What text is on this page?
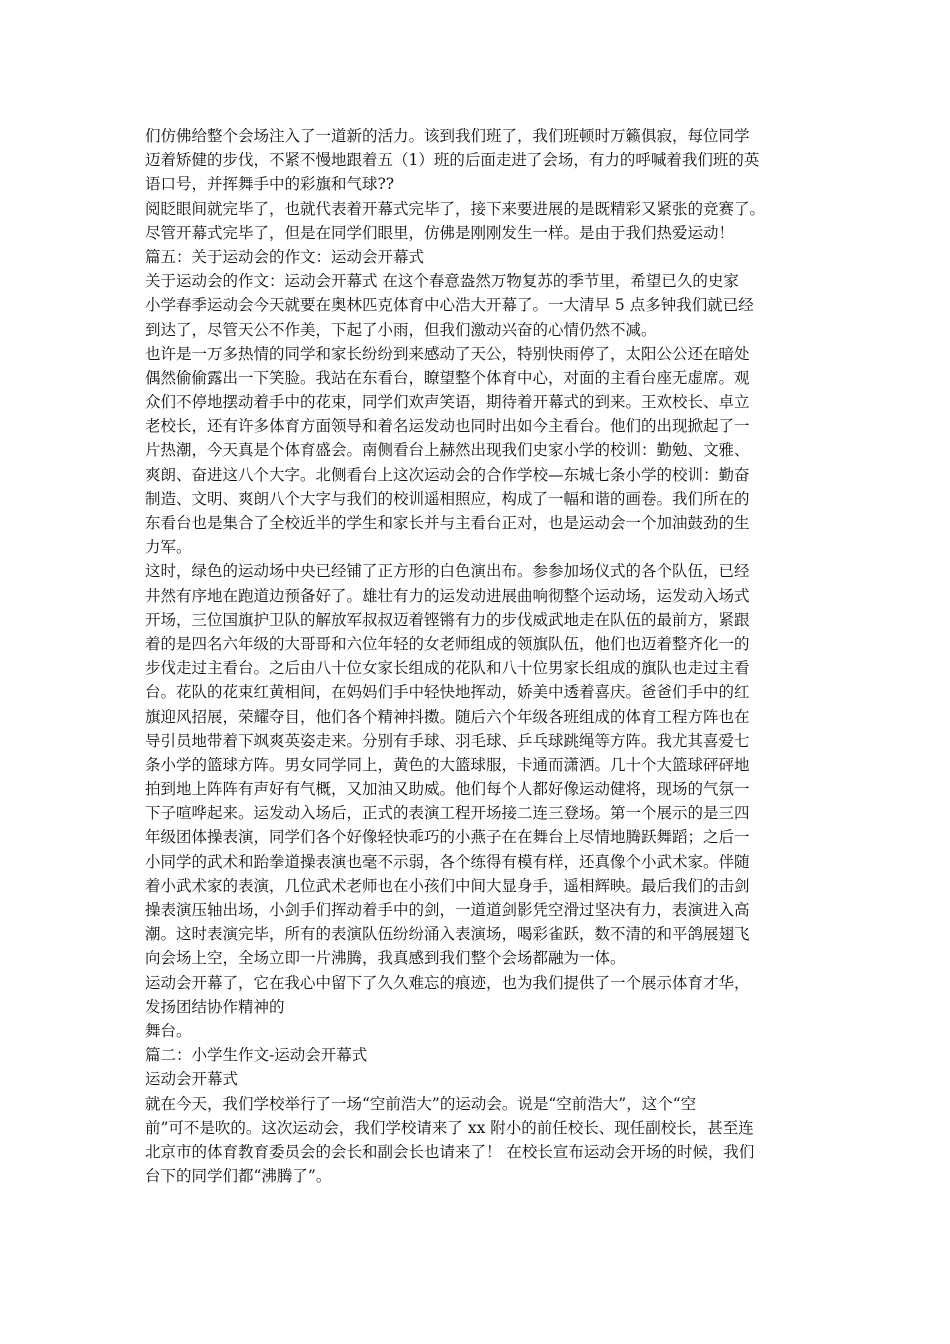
们仿佛给整个会场注入了一道新的活力。该到我们班了，我们班顿时万籁俱寂，每位同学
迈着矫健的步伐，不紧不慢地跟着五（1）班的后面走进了会场，有力的呼喊着我们班的英
语口号，并挥舞手中的彩旗和气球??
阅眨眼间就完毕了，也就代表着开幕式完毕了，接下来要进展的是既精彩又紧张的竞赛了。
尽管开幕式完毕了，但是在同学们眼里，仿佛是刚刚发生一样。是由于我们热爱运动！
篇五：关于运动会的作文：运动会开幕式
关于运动会的作文：运动会开幕式 在这个春意盎然万物复苏的季节里，希望已久的史家
小学春季运动会今天就要在奥林匹克体育中心浩大开幕了。一大清早 5 点多钟我们就已经
到达了，尽管天公不作美，下起了小雨，但我们激动兴奋的心情仍然不减。
也许是一万多热情的同学和家长纷纷到来感动了天公，特别快雨停了，太阳公公还在暗处
偶然偷偷露出一下笑脸。我站在东看台，瞭望整个体育中心，对面的主看台座无虚席。观
众们不停地摆动着手中的花束，同学们欢声笑语，期待着开幕式的到来。王欢校长、卓立
老校长，还有许多体育方面领导和着名运发动也同时出如今主看台。他们的出现掀起了一
片热潮，今天真是个体育盛会。南侧看台上赫然出现我们史家小学的校训：勤勉、文雅、
爽朗、奋进这八个大字。北侧看台上这次运动会的合作学校—东城七条小学的校训：勤奋
制造、文明、爽朗八个大字与我们的校训遥相照应，构成了一幅和谐的画卷。我们所在的
东看台也是集合了全校近半的学生和家长并与主看台正对，也是运动会一个加油鼓劲的生
力军。
这时，绿色的运动场中央已经铺了正方形的白色演出布。参参加场仪式的各个队伍，已经
井然有序地在跑道边预备好了。雄壮有力的运发动进展曲响彻整个运动场，运发动入场式
开场，三位国旗护卫队的解放军叔叔迈着铿锵有力的步伐威武地走在队伍的最前方，紧跟
着的是四名六年级的大哥哥和六位年轻的女老师组成的领旗队伍，他们也迈着整齐化一的
步伐走过主看台。之后由八十位女家长组成的花队和八十位男家长组成的旗队也走过主看
台。花队的花束红黄相间，在妈妈们手中轻快地挥动，娇美中透着喜庆。爸爸们手中的红
旗迎风招展，荣耀夺目，他们各个精神抖擞。随后六个年级各班组成的体育工程方阵也在
导引员地带着下飒爽英姿走来。分别有手球、羽毛球、乒乓球跳绳等方阵。我尤其喜爱七
条小学的篮球方阵。男女同学同上，黄色的大篮球服，卡通而潇洒。几十个大篮球砰砰地
拍到地上阵阵有声好有气概，又加油又助威。他们每个人都好像运动健将，现场的气氛一
下子喧哗起来。运发动入场后，正式的表演工程开场接二连三登场。第一个展示的是三四
年级团体操表演，同学们各个好像轻快乖巧的小燕子在在舞台上尽情地腾跃舞蹈；之后一
小同学的武术和跆拳道操表演也毫不示弱，各个练得有模有样，还真像个小武术家。伴随
着小武术家的表演，几位武术老师也在小孩们中间大显身手，遥相辉映。最后我们的击剑
操表演压轴出场，小剑手们挥动着手中的剑，一道道剑影凭空滑过坚决有力，表演进入高
潮。这时表演完毕，所有的表演队伍纷纷涌入表演场，喝彩雀跃，数不清的和平鸽展翅飞
向会场上空，全场立即一片沸腾，我真感到我们整个会场都融为一体。
运动会开幕了，它在我心中留下了久久难忘的痕迹，也为我们提供了一个展示体育才华，
发扬团结协作精神的
舞台。
篇二：小学生作文-运动会开幕式
运动会开幕式
就在今天，我们学校举行了一场“空前浩大”的运动会。说是“空前浩大”，这个“空
前”可不是吹的。这次运动会，我们学校请来了 xx 附小的前任校长、现任副校长，甚至连
北京市的体育教育委员会的会长和副会长也请来了！ 在校长宣布运动会开场的时候，我们
台下的同学们都“沸腾了”。
